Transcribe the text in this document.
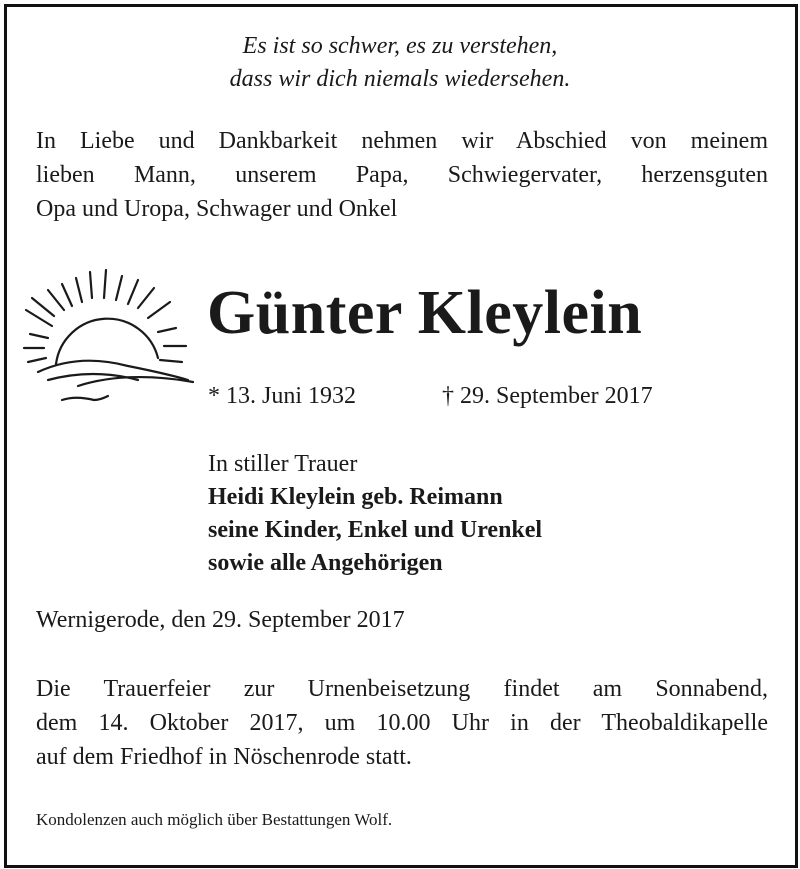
Es ist so schwer, es zu verstehen,
dass wir dich niemals wiedersehen.
In Liebe und Dankbarkeit nehmen wir Abschied von meinem
lieben Mann, unserem Papa, Schwiegervater, herzensguten
Opa und Uropa, Schwager und Onkel
Günter Kleylein
* 13. Juni 1932	† 29. September 2017
In stiller Trauer
Heidi Kleylein geb. Reimann
seine Kinder, Enkel und Urenkel
sowie alle Angehörigen
Wernigerode, den 29. September 2017
Die Trauerfeier zur Urnenbeisetzung findet am Sonnabend,
dem 14. Oktober 2017, um 10.00 Uhr in der Theobaldikapelle
auf dem Friedhof in Nöschenrode statt.
Kondolenzen auch möglich über Bestattungen Wolf.
